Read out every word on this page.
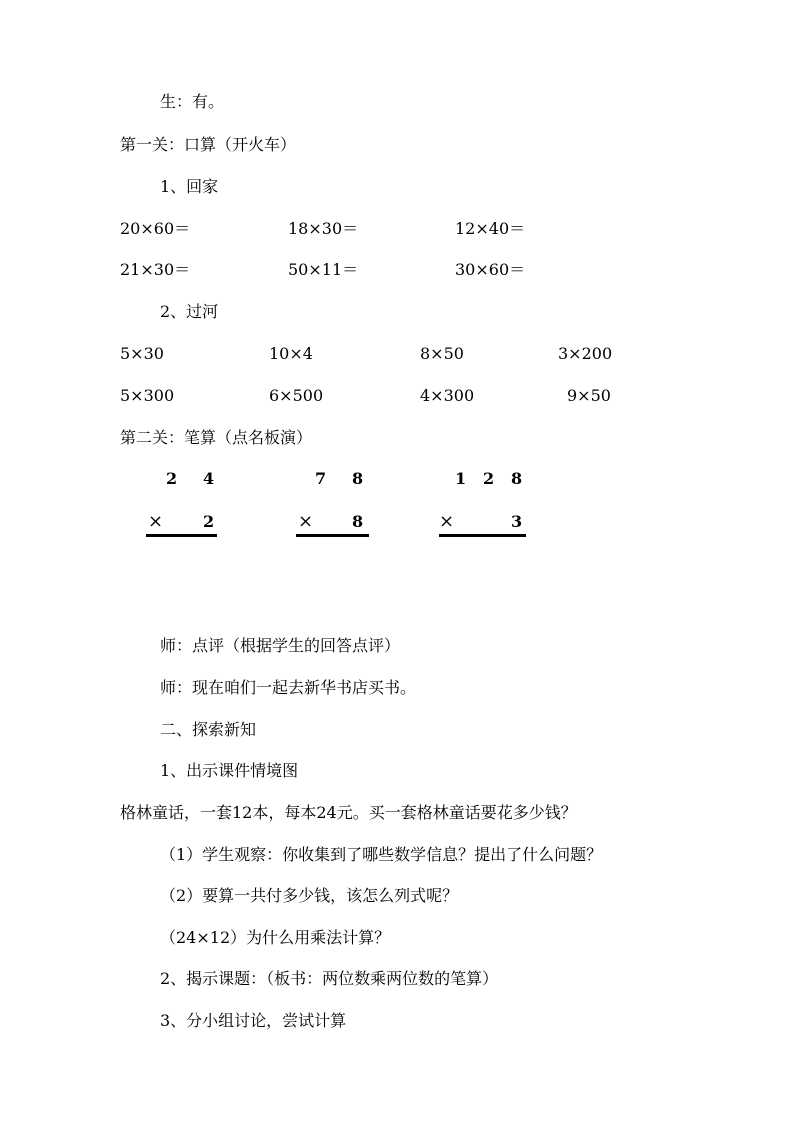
生：有。
第一关：口算（开火车）
1、回家
20×60＝	18×30＝	12×40＝
21×30＝	50×11＝	30×60＝
2、过河
5×30	10×4	8×50	3×200
5×300	6×500	4×300	9×50
第二关：笔算（点名板演）
2 4
× 2
7 8
× 8
1 2 8
×	3
师：点评（根据学生的回答点评）
师：现在咱们一起去新华书店买书。
二、探索新知
1、出示课件情境图
格林童话，一套12本，每本24元。买一套格林童话要花多少钱？
（1）学生观察：你收集到了哪些数学信息？提出了什么问题？
（2）要算一共付多少钱，该怎么列式呢？
（24×12）为什么用乘法计算？
2、揭示课题：（板书：两位数乘两位数的笔算）
3、分小组讨论，尝试计算
